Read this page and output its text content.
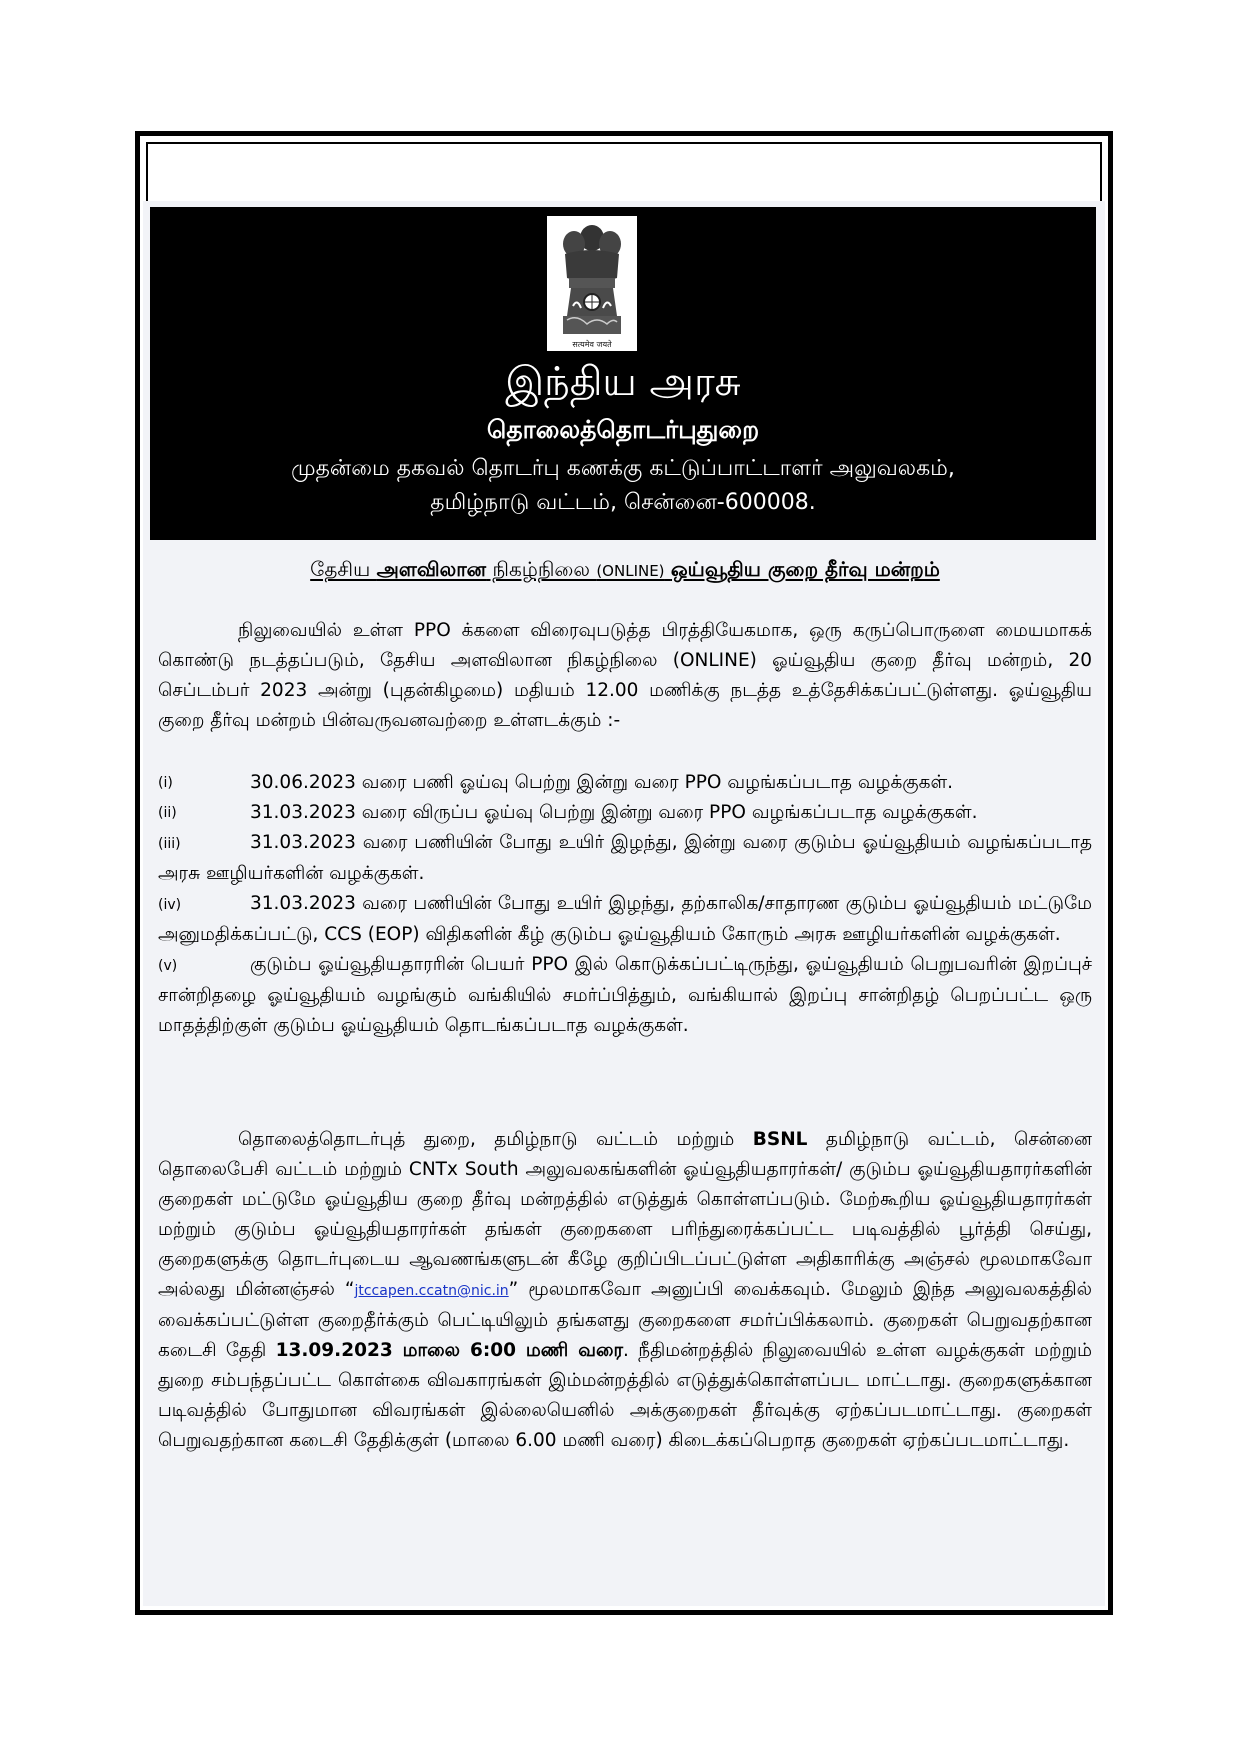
सत्यमेव जयते
இந்திய அரசு
தொலைத்தொடர்புதுறை
முதன்மை தகவல் தொடர்பு கணக்கு கட்டுப்பாட்டாளர் அலுவலகம்,
தமிழ்நாடு வட்டம், சென்னை-600008.
தேசிய அளவிலான நிகழ்நிலை (ONLINE) ஒய்வூதிய குறை தீர்வு மன்றம்
நிலுவையில் உள்ள PPO க்களை விரைவுபடுத்த பிரத்தியேகமாக, ஒரு கருப்பொருளை மையமாகக் கொண்டு நடத்தப்படும், தேசிய அளவிலான நிகழ்நிலை (ONLINE) ஓய்வூதிய குறை தீர்வு மன்றம், 20 செப்டம்பர் 2023 அன்று (புதன்கிழமை) மதியம் 12.00 மணிக்கு நடத்த உத்தேசிக்கப்பட்டுள்ளது. ஓய்வூதிய குறை தீர்வு மன்றம் பின்வருவனவற்றை உள்ளடக்கும் :-
(i)	30.06.2023 வரை பணி ஓய்வு பெற்று இன்று வரை PPO வழங்கப்படாத வழக்குகள்.
(ii)	31.03.2023 வரை விருப்ப ஓய்வு பெற்று இன்று வரை PPO வழங்கப்படாத வழக்குகள்.
(iii)	31.03.2023 வரை பணியின் போது உயிர் இழந்து, இன்று வரை குடும்ப ஓய்வூதியம் வழங்கப்படாத அரசு ஊழியர்களின் வழக்குகள்.
(iv)	31.03.2023 வரை பணியின் போது உயிர் இழந்து, தற்காலிக/சாதாரண குடும்ப ஓய்வூதியம் மட்டுமே அனுமதிக்கப்பட்டு, CCS (EOP) விதிகளின் கீழ் குடும்ப ஓய்வூதியம் கோரும் அரசு ஊழியர்களின் வழக்குகள்.
(v)	குடும்ப ஓய்வூதியதாரரின் பெயர் PPO இல் கொடுக்கப்பட்டிருந்து, ஓய்வூதியம் பெறுபவரின் இறப்புச் சான்றிதழை ஓய்வூதியம் வழங்கும் வங்கியில் சமர்ப்பித்தும், வங்கியால் இறப்பு சான்றிதழ் பெறப்பட்ட ஒரு மாதத்திற்குள் குடும்ப ஓய்வூதியம் தொடங்கப்படாத வழக்குகள்.
தொலைத்தொடர்புத் துறை, தமிழ்நாடு வட்டம் மற்றும் BSNL தமிழ்நாடு வட்டம், சென்னை தொலைபேசி வட்டம் மற்றும் CNTx South அலுவலகங்களின் ஓய்வூதியதாரர்கள்/ குடும்ப ஓய்வூதியதாரர்களின் குறைகள் மட்டுமே ஓய்வூதிய குறை தீர்வு மன்றத்தில் எடுத்துக் கொள்ளப்படும். மேற்கூறிய ஓய்வூதியதாரர்கள் மற்றும் குடும்ப ஓய்வூதியதாரர்கள் தங்கள் குறைகளை பரிந்துரைக்கப்பட்ட படிவத்தில் பூர்த்தி செய்து, குறைகளுக்கு தொடர்புடைய ஆவணங்களுடன் கீழே குறிப்பிடப்பட்டுள்ள அதிகாரிக்கு அஞ்சல் மூலமாகவோ அல்லது மின்னஞ்சல் “jtccapen.ccatn@nic.in” மூலமாகவோ அனுப்பி வைக்கவும். மேலும் இந்த அலுவலகத்தில் வைக்கப்பட்டுள்ள குறைதீர்க்கும் பெட்டியிலும் தங்களது குறைகளை சமர்ப்பிக்கலாம். குறைகள் பெறுவதற்கான கடைசி தேதி 13.09.2023 மாலை 6:00 மணி வரை. நீதிமன்றத்தில் நிலுவையில் உள்ள வழக்குகள் மற்றும் துறை சம்பந்தப்பட்ட கொள்கை விவகாரங்கள் இம்மன்றத்தில் எடுத்துக்கொள்ளப்பட மாட்டாது. குறைகளுக்கான படிவத்தில் போதுமான விவரங்கள் இல்லையெனில் அக்குறைகள் தீர்வுக்கு ஏற்கப்படமாட்டாது. குறைகள் பெறுவதற்கான கடைசி தேதிக்குள் (மாலை 6.00 மணி வரை) கிடைக்கப்பெறாத குறைகள் ஏற்கப்படமாட்டாது.
